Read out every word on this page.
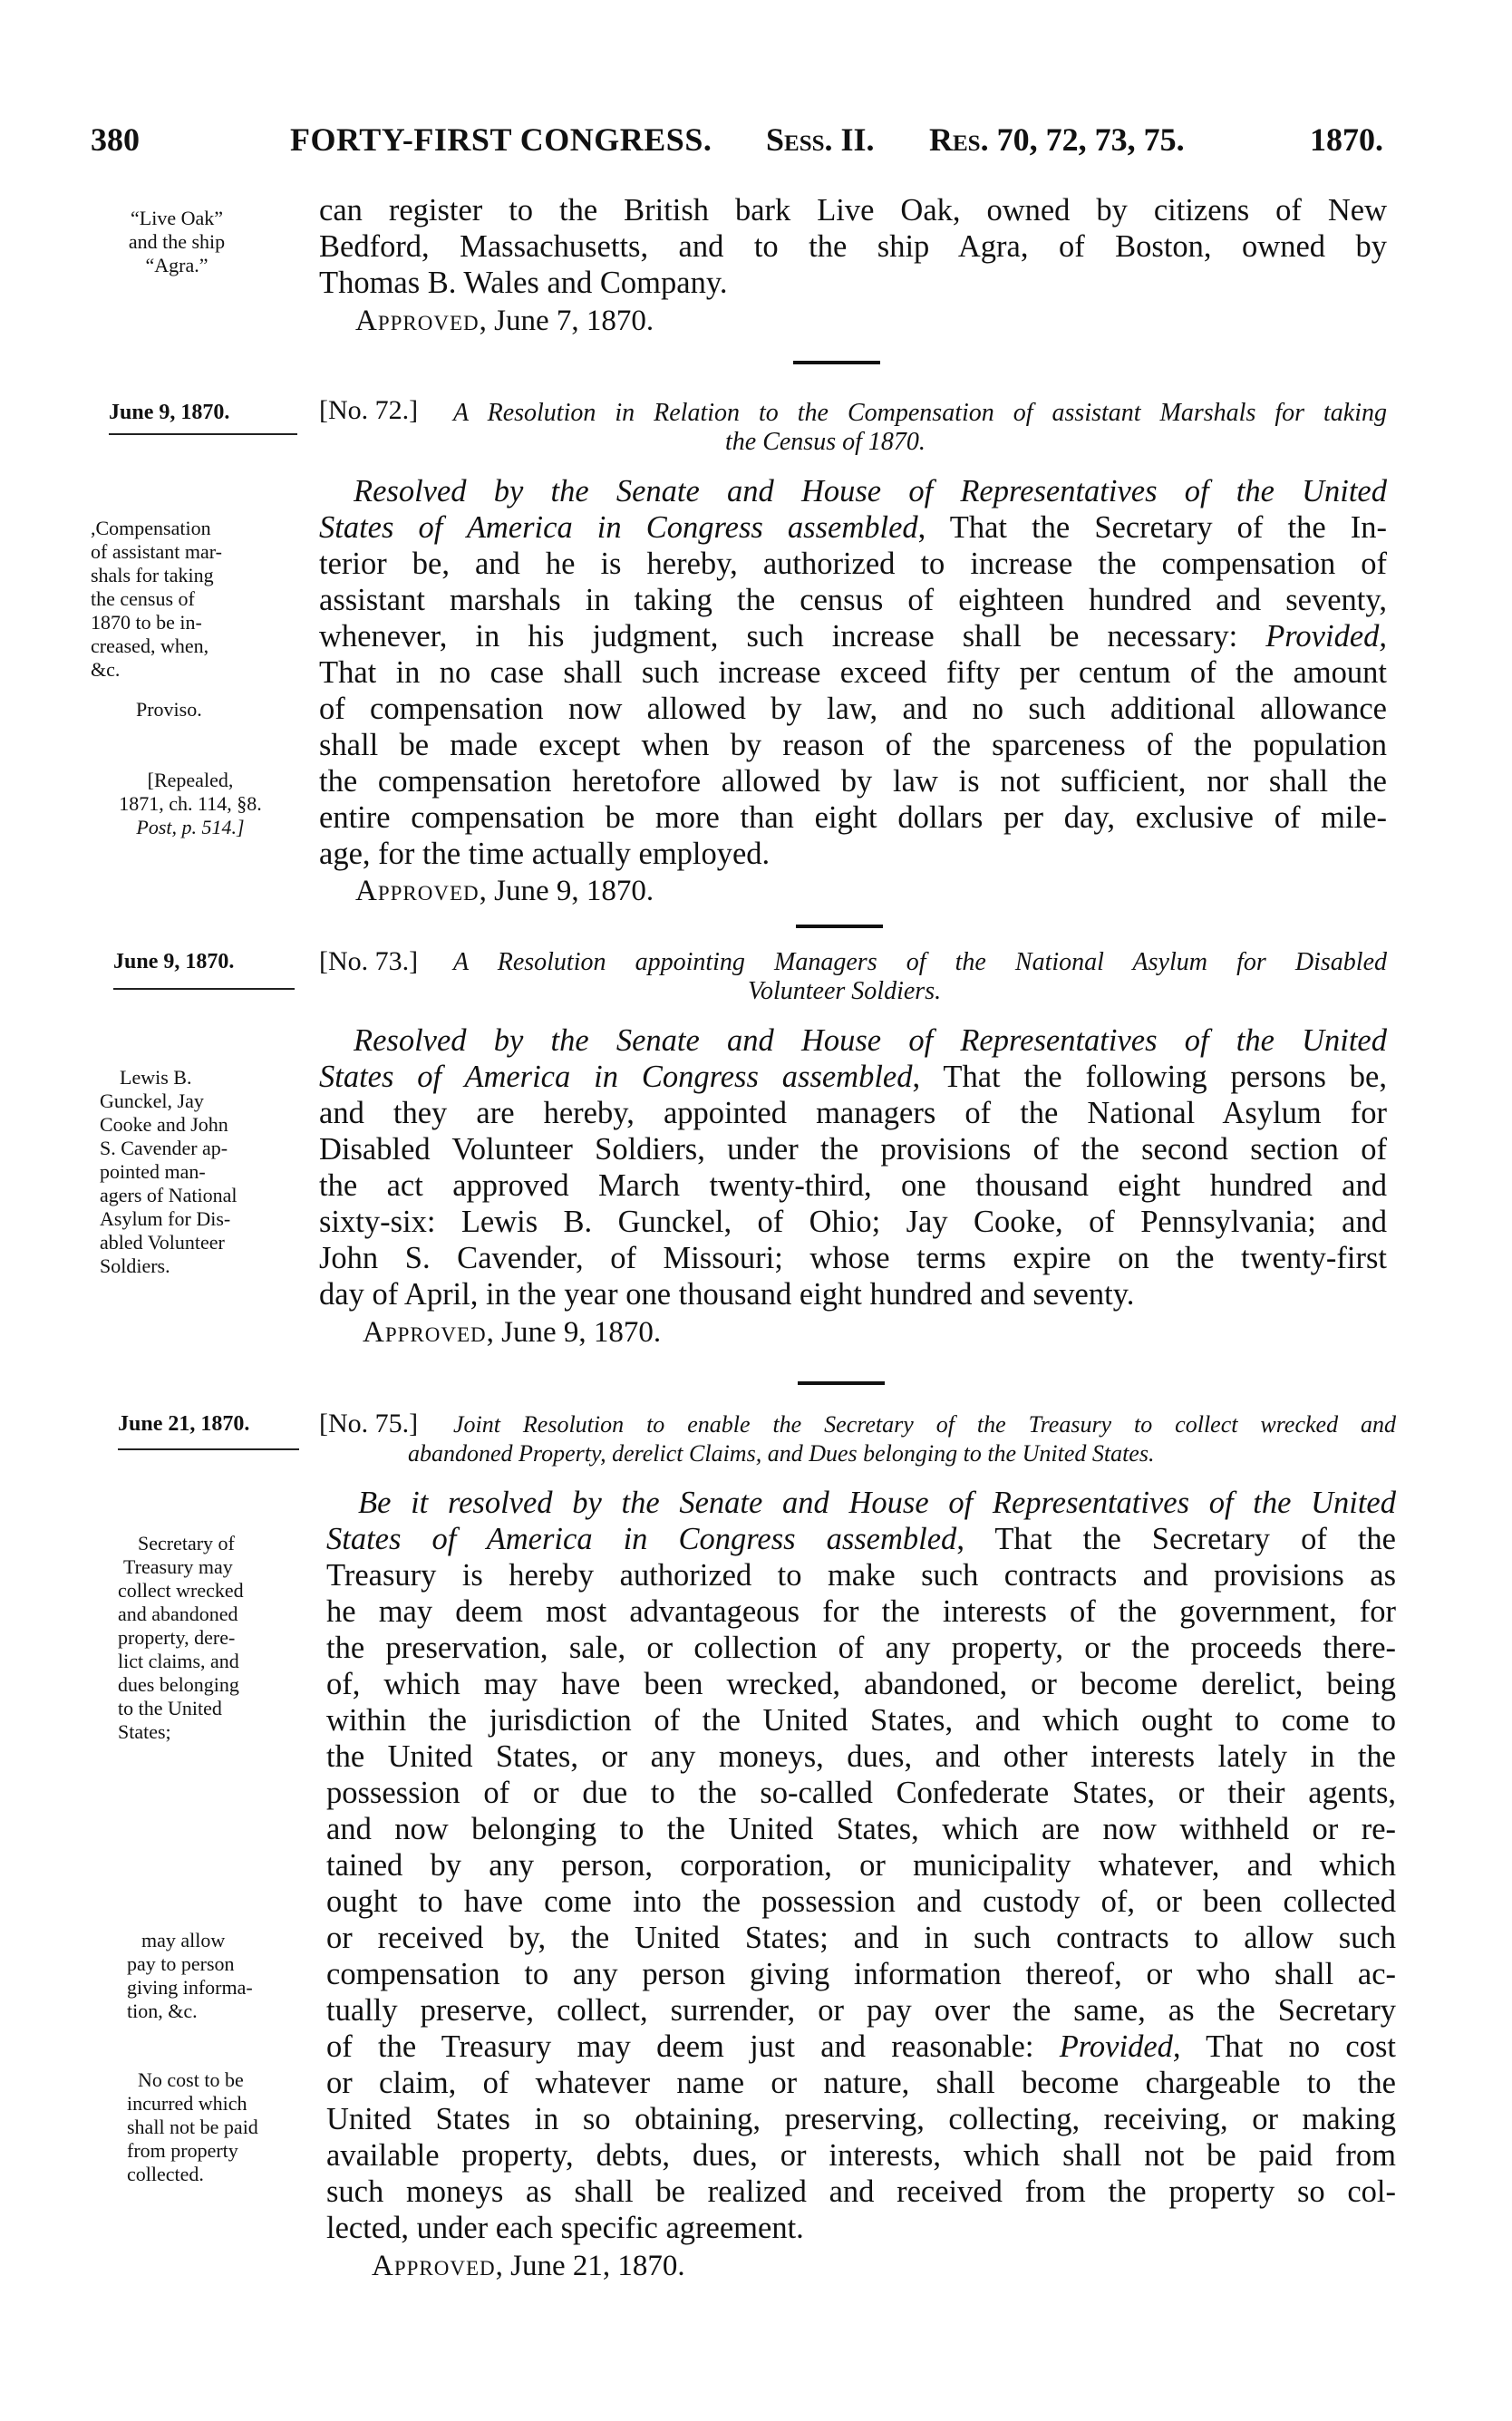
380	FORTY-FIRST CONGRESS. Sess. II. Res. 70, 72, 73, 75.	1870.
“Live Oak”
and the ship
“Agra.”
can register to the British bark Live Oak, owned by citizens of New
Bedford, Massachusetts, and to the ship Agra, of Boston, owned by
Thomas B. Wales and Company.
Approved, June 7, 1870.
June 9, 1870.	[No. 72.] A Resolution in Relation to the Compensation of assistant Marshals for taking
the Census of 1870.
Resolved by the Senate and House of Representatives of the United
States of America in Congress assembled, That the Secretary of the In-
terior be, and he is hereby, authorized to increase the compensation of
assistant marshals in taking the census of eighteen hundred and seventy,
whenever, in his judgment, such increase shall be necessary: Provided,
That in no case shall such increase exceed fifty per centum of the amount
of compensation now allowed by law, and no such additional allowance
shall be made except when by reason of the sparceness of the population
the compensation heretofore allowed by law is not sufficient, nor shall the
entire compensation be more than eight dollars per day, exclusive of mile-
age, for the time actually employed.
Approved, June 9, 1870.
,Compensation
of assistant mar-
shals for taking
the census of
1870 to be in-
creased, when,
&c.
Proviso.
[Repealed,
1871, ch. 114, §8.
Post, p. 514.]
June 9, 1870.	[No. 73.] A Resolution appointing Managers of the National Asylum for Disabled
Volunteer Soldiers.
Resolved by the Senate and House of Representatives of the United
States of America in Congress assembled, That the following persons be,
and they are hereby, appointed managers of the National Asylum for
Disabled Volunteer Soldiers, under the provisions of the second section of
the act approved March twenty-third, one thousand eight hundred and
sixty-six: Lewis B. Gunckel, of Ohio; Jay Cooke, of Pennsylvania; and
John S. Cavender, of Missouri; whose terms expire on the twenty-first
day of April, in the year one thousand eight hundred and seventy.
Approved, June 9, 1870.
Lewis B.
Gunckel, Jay
Cooke and John
S. Cavender ap-
pointed man-
agers of National
Asylum for Dis-
abled Volunteer
Soldiers.
June 21, 1870.	[No. 75.] Joint Resolution to enable the Secretary of the Treasury to collect wrecked and
abandoned Property, derelict Claims, and Dues belonging to the United States.
Be it resolved by the Senate and House of Representatives of the United
States of America in Congress assembled, That the Secretary of the
Treasury is hereby authorized to make such contracts and provisions as
he may deem most advantageous for the interests of the government, for
the preservation, sale, or collection of any property, or the proceeds there-
of, which may have been wrecked, abandoned, or become derelict, being
within the jurisdiction of the United States, and which ought to come to
the United States, or any moneys, dues, and other interests lately in the
possession of or due to the so-called Confederate States, or their agents,
and now belonging to the United States, which are now withheld or re-
tained by any person, corporation, or municipality whatever, and which
ought to have come into the possession and custody of, or been collected
or received by, the United States; and in such contracts to allow such
compensation to any person giving information thereof, or who shall ac-
tually preserve, collect, surrender, or pay over the same, as the Secretary
of the Treasury may deem just and reasonable: Provided, That no cost
or claim, of whatever name or nature, shall become chargeable to the
United States in so obtaining, preserving, collecting, receiving, or making
available property, debts, dues, or interests, which shall not be paid from
such moneys as shall be realized and received from the property so col-
lected, under each specific agreement.
Approved, June 21, 1870.
Secretary of
Treasury may
collect wrecked
and abandoned
property, dere-
lict claims, and
dues belonging
to the United
States;
may allow
pay to person
giving informa-
tion, &c.
No cost to be
incurred which
shall not be paid
from property
collected.
